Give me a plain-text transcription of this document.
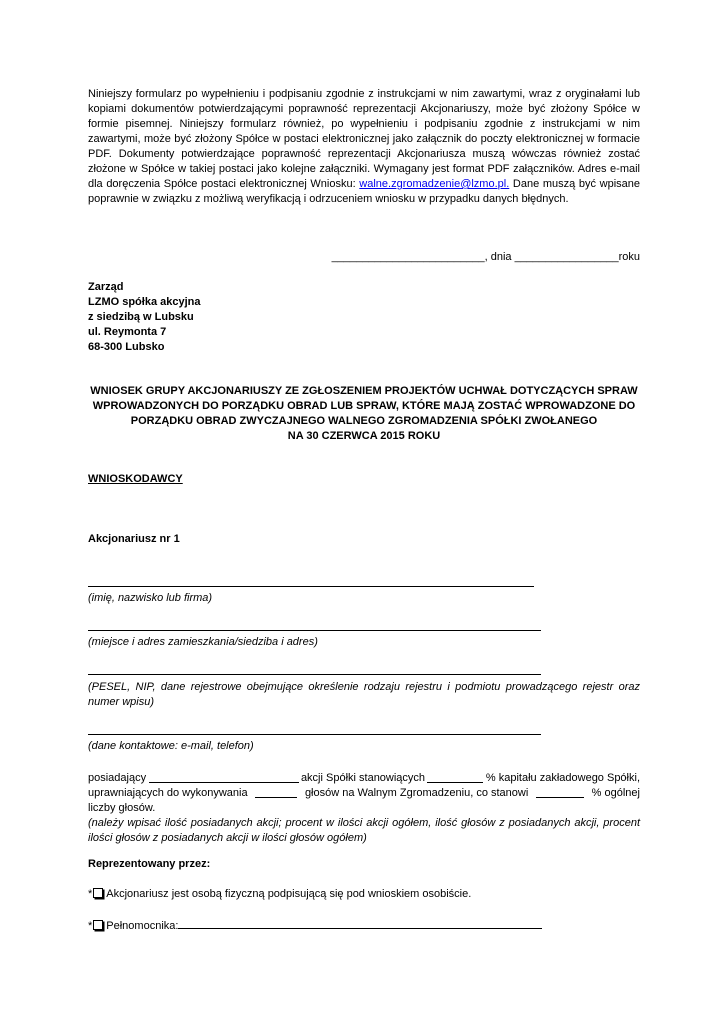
Niniejszy formularz po wypełnieniu i podpisaniu zgodnie z instrukcjami w nim zawartymi, wraz z oryginałami lub kopiami dokumentów potwierdzającymi poprawność reprezentacji Akcjonariuszy, może być złożony Spółce w formie pisemnej. Niniejszy formularz również, po wypełnieniu i podpisaniu zgodnie z instrukcjami w nim zawartymi, może być złożony Spółce w postaci elektronicznej jako załącznik do poczty elektronicznej w formacie PDF. Dokumenty potwierdzające poprawność reprezentacji Akcjonariusza muszą wówczas również zostać złożone w Spółce w takiej postaci jako kolejne załączniki. Wymagany jest format PDF załączników. Adres e-mail dla doręczenia Spółce postaci elektronicznej Wniosku: walne.zgromadzenie@lzmo.pl. Dane muszą być wpisane poprawnie w związku z możliwą weryfikacją i odrzuceniem wniosku w przypadku danych błędnych.
_________________________, dnia _________________roku
Zarząd
LZMO spółka akcyjna
z siedzibą w Lubsku
ul. Reymonta 7
68-300 Lubsko
WNIOSEK GRUPY AKCJONARIUSZY ZE ZGŁOSZENIEM PROJEKTÓW UCHWAŁ DOTYCZĄCYCH SPRAW
WPROWADZONYCH DO PORZĄDKU OBRAD LUB SPRAW, KTÓRE MAJĄ ZOSTAĆ WPROWADZONE DO
PORZĄDKU OBRAD ZWYCZAJNEGO WALNEGO ZGROMADZENIA SPÓŁKI ZWOŁANEGO
NA 30 CZERWCA 2015 ROKU
WNIOSKODAWCY
Akcjonariusz nr 1
(imię, nazwisko lub firma)
(miejsce i adres zamieszkania/siedziba i adres)
(PESEL, NIP, dane rejestrowe obejmujące określenie rodzaju rejestru i podmiotu prowadzącego rejestr oraz numer wpisu)
(dane kontaktowe: e-mail, telefon)
posiadający	akcji Spółki stanowiących	% kapitału zakładowego Spółki,
uprawniających do wykonywania	głosów na Walnym Zgromadzeniu, co stanowi	% ogólnej
liczby głosów.
(należy wpisać ilość posiadanych akcji; procent w ilości akcji ogółem, ilość głosów z posiadanych akcji, procent ilości głosów z posiadanych akcji w ilości głosów ogółem)
Reprezentowany przez:
* Akcjonariusz jest osobą fizyczną podpisującą się pod wnioskiem osobiście.
* Pełnomocnika:
